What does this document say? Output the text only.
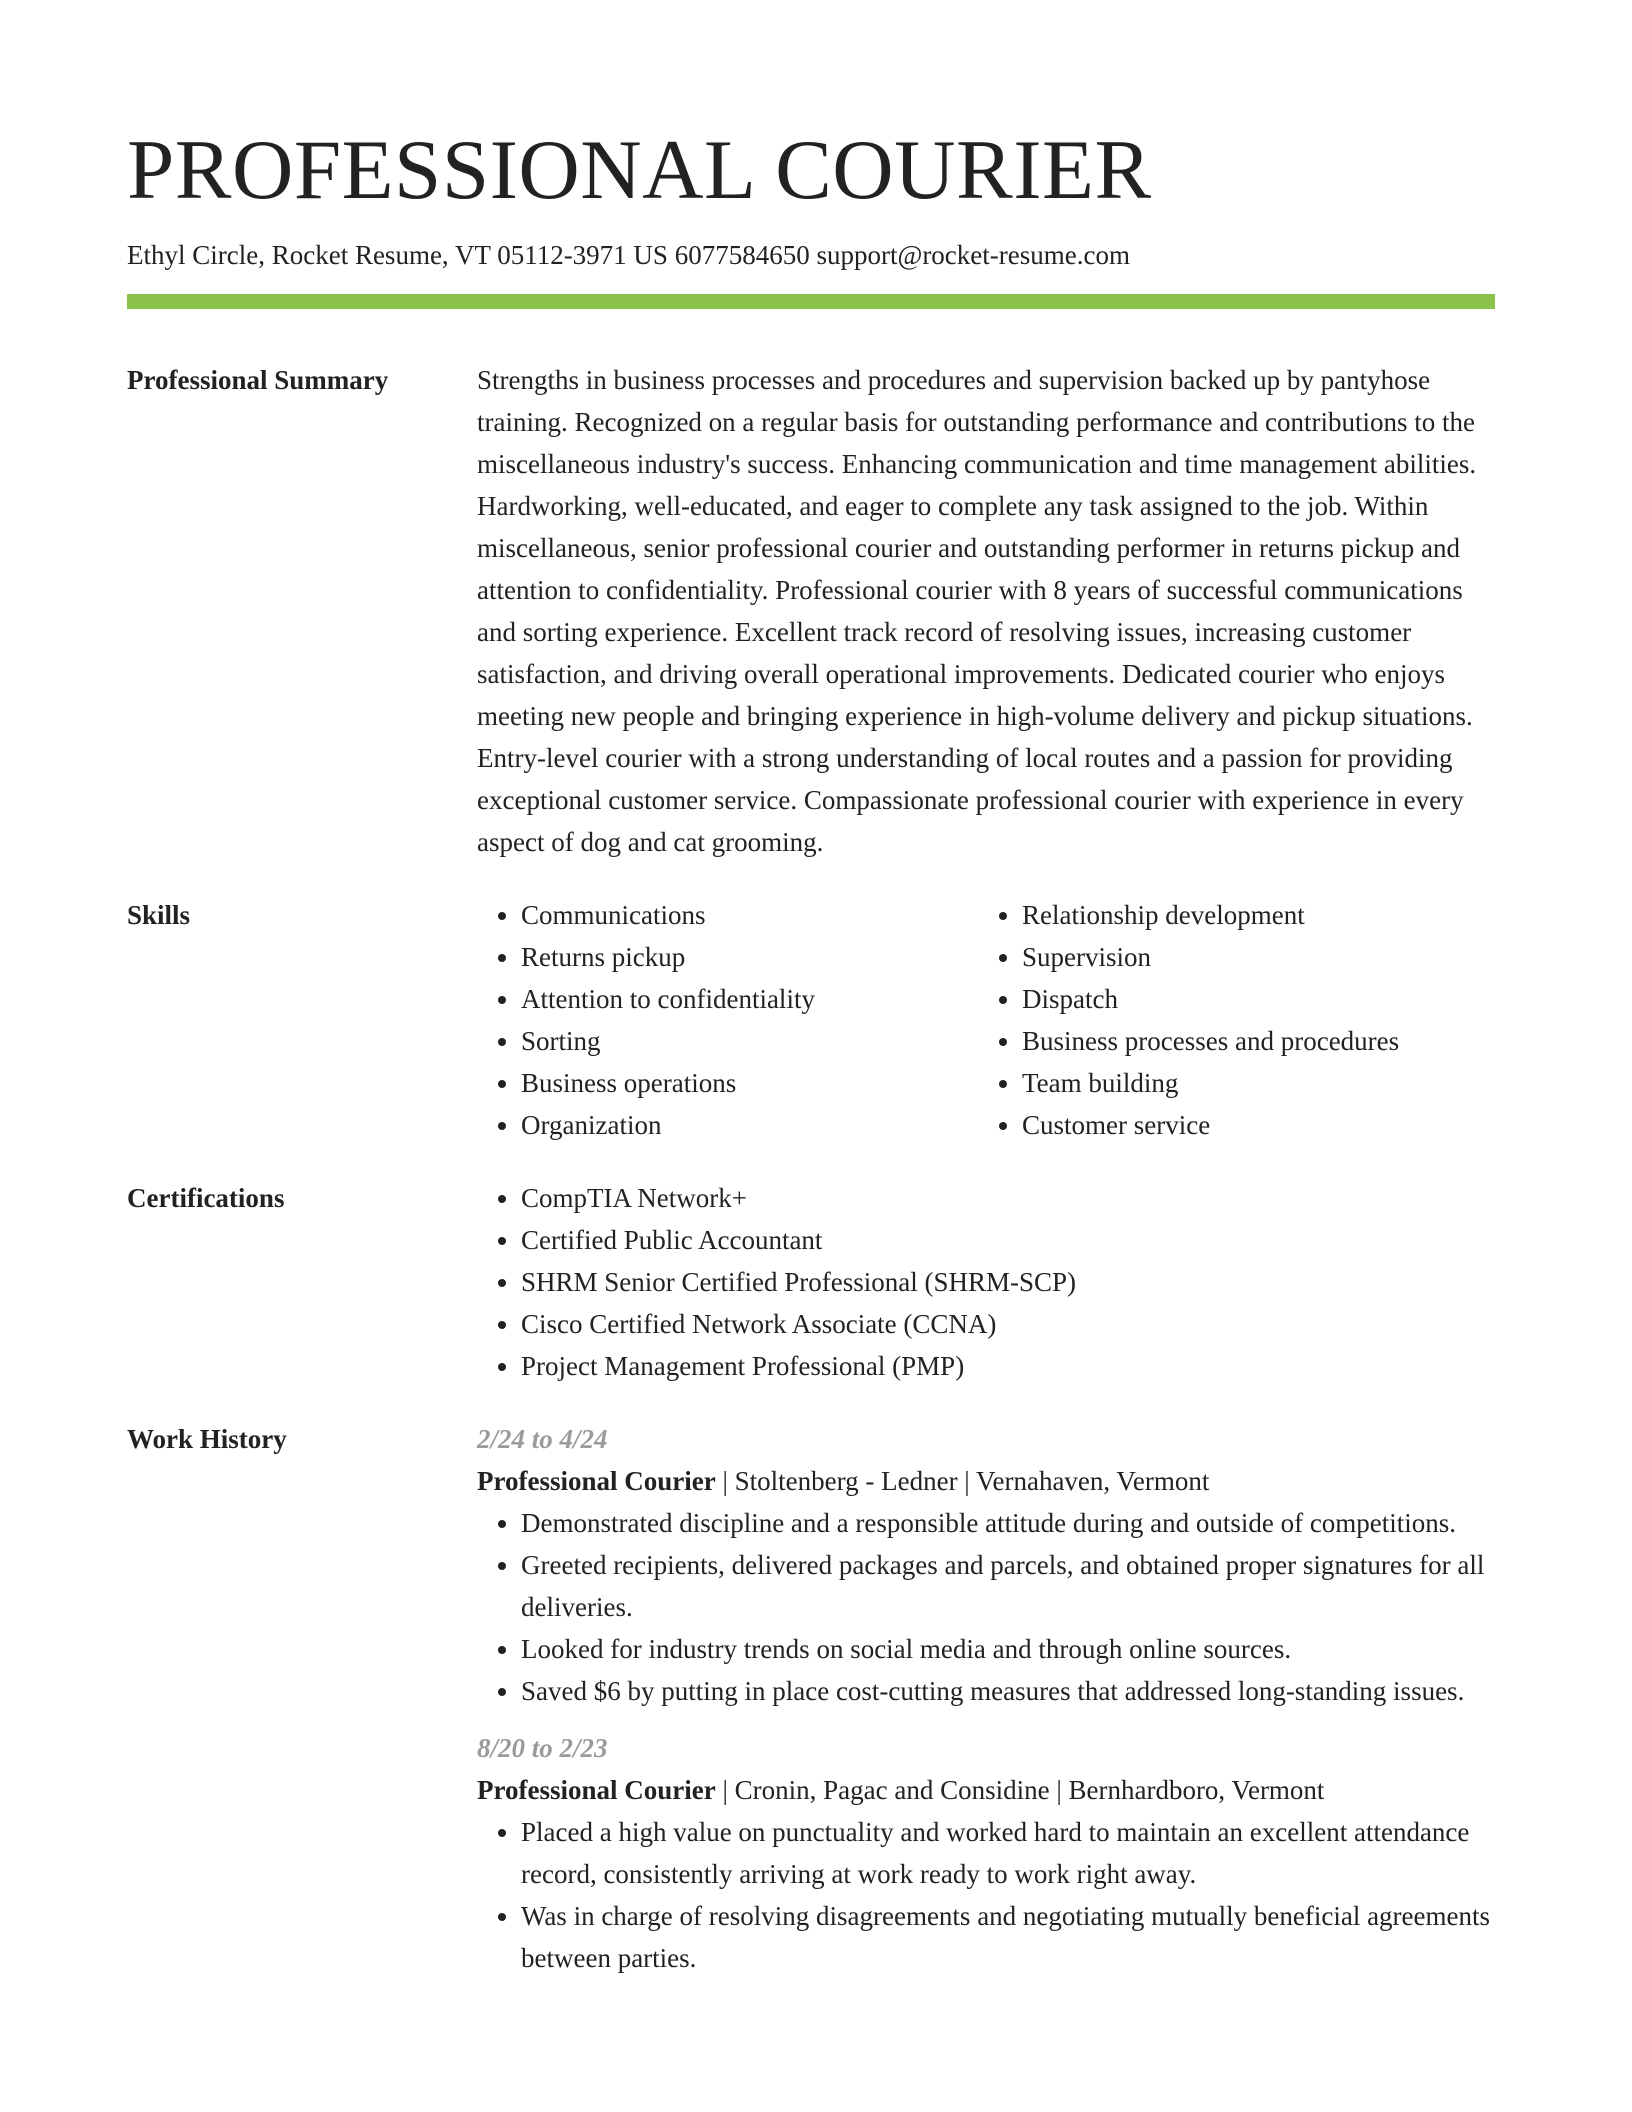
PROFESSIONAL COURIER
Ethyl Circle, Rocket Resume, VT 05112-3971 US 6077584650 support@rocket-resume.com
Professional Summary	Strengths in business processes and procedures and supervision backed up by pantyhose training. Recognized on a regular basis for outstanding performance and contributions to the miscellaneous industry's success. Enhancing communication and time management abilities. Hardworking, well-educated, and eager to complete any task assigned to the job. Within miscellaneous, senior professional courier and outstanding performer in returns pickup and attention to confidentiality. Professional courier with 8 years of successful communications and sorting experience. Excellent track record of resolving issues, increasing customer satisfaction, and driving overall operational improvements. Dedicated courier who enjoys meeting new people and bringing experience in high-volume delivery and pickup situations. Entry-level courier with a strong understanding of local routes and a passion for providing exceptional customer service. Compassionate professional courier with experience in every aspect of dog and cat grooming.
Skills	• Communications
• Returns pickup
• Attention to confidentiality
• Sorting
• Business operations
• Organization
• Relationship development
• Supervision
• Dispatch
• Business processes and procedures
• Team building
• Customer service
Certifications	• CompTIA Network+
• Certified Public Accountant
• SHRM Senior Certified Professional (SHRM-SCP)
• Cisco Certified Network Associate (CCNA)
• Project Management Professional (PMP)
Work History	2/24 to 4/24
Professional Courier | Stoltenberg - Ledner | Vernahaven, Vermont
• Demonstrated discipline and a responsible attitude during and outside of competitions.
• Greeted recipients, delivered packages and parcels, and obtained proper signatures for all deliveries.
• Looked for industry trends on social media and through online sources.
• Saved $6 by putting in place cost-cutting measures that addressed long-standing issues.
8/20 to 2/23
Professional Courier | Cronin, Pagac and Considine | Bernhardboro, Vermont
• Placed a high value on punctuality and worked hard to maintain an excellent attendance record, consistently arriving at work ready to work right away.
• Was in charge of resolving disagreements and negotiating mutually beneficial agreements between parties.
